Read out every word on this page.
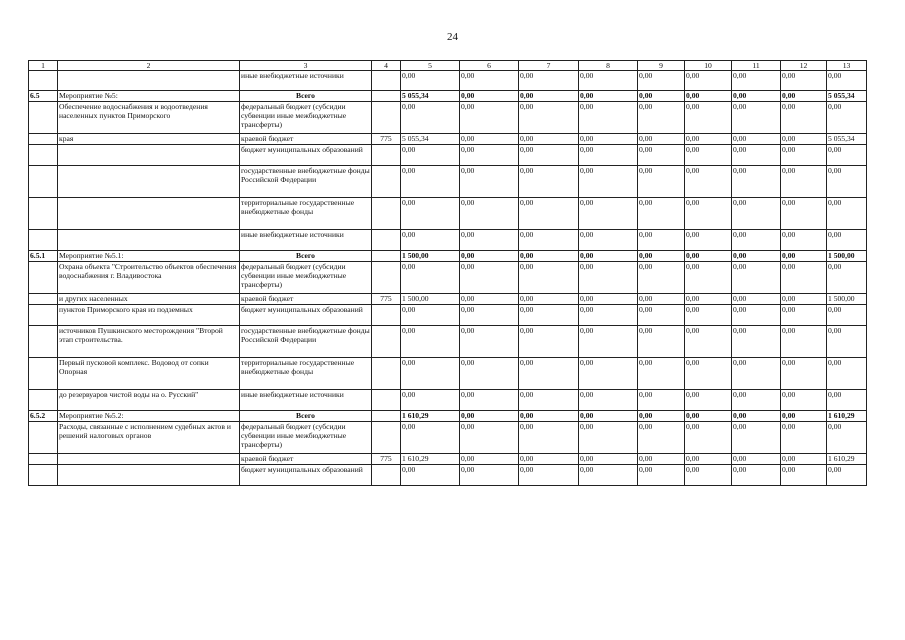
24
1	2	3	4	5	6	7	8	9	10	11	12	13
		иные внебюджетные источники		0,00	0,00	0,00	0,00	0,00	0,00	0,00	0,00	0,00
6.5	Мероприятие №5:	Всего		5 055,34	0,00	0,00	0,00	0,00	0,00	0,00	0,00	5 055,34
	Обеспечение водоснабжения и водоотведения населенных пунктов Приморского	федеральный бюджет (субсидии субвенции иные межбюджетные трансферты)		0,00	0,00	0,00	0,00	0,00	0,00	0,00	0,00	0,00
	края	краевой бюджет	775	5 055,34	0,00	0,00	0,00	0,00	0,00	0,00	0,00	5 055,34
		бюджет муниципальных образований		0,00	0,00	0,00	0,00	0,00	0,00	0,00	0,00	0,00
		государственные внебюджетные фонды Российской Федерации		0,00	0,00	0,00	0,00	0,00	0,00	0,00	0,00	0,00
		территориальные государственные внебюджетные фонды		0,00	0,00	0,00	0,00	0,00	0,00	0,00	0,00	0,00
		иные внебюджетные источники		0,00	0,00	0,00	0,00	0,00	0,00	0,00	0,00	0,00
6.5.1	Мероприятие №5.1:	Всего		1 500,00	0,00	0,00	0,00	0,00	0,00	0,00	0,00	1 500,00
	Охрана объекта "Строительство объектов обеспечения водоснабжения г. Владивостока	федеральный бюджет (субсидии субвенции иные межбюджетные трансферты)		0,00	0,00	0,00	0,00	0,00	0,00	0,00	0,00	0,00
	и других населенных	краевой бюджет	775	1 500,00	0,00	0,00	0,00	0,00	0,00	0,00	0,00	1 500,00
	пунктов Приморского края из подземных	бюджет муниципальных образований		0,00	0,00	0,00	0,00	0,00	0,00	0,00	0,00	0,00
	источников Пушкинского месторождения "Второй этап строительства.	государственные внебюджетные фонды Российской Федерации		0,00	0,00	0,00	0,00	0,00	0,00	0,00	0,00	0,00
	Первый пусковой комплекс. Водовод от сопки Опорная	территориальные государственные внебюджетные фонды		0,00	0,00	0,00	0,00	0,00	0,00	0,00	0,00	0,00
	до резервуаров чистой воды на о. Русский"	иные внебюджетные источники		0,00	0,00	0,00	0,00	0,00	0,00	0,00	0,00	0,00
6.5.2	Мероприятие №5.2:	Всего		1 610,29	0,00	0,00	0,00	0,00	0,00	0,00	0,00	1 610,29
	Расходы, связанные с исполнением судебных актов и решений налоговых органов	федеральный бюджет (субсидии субвенции иные межбюджетные трансферты)		0,00	0,00	0,00	0,00	0,00	0,00	0,00	0,00	0,00
		краевой бюджет	775	1 610,29	0,00	0,00	0,00	0,00	0,00	0,00	0,00	1 610,29
		бюджет муниципальных образований		0,00	0,00	0,00	0,00	0,00	0,00	0,00	0,00	0,00
